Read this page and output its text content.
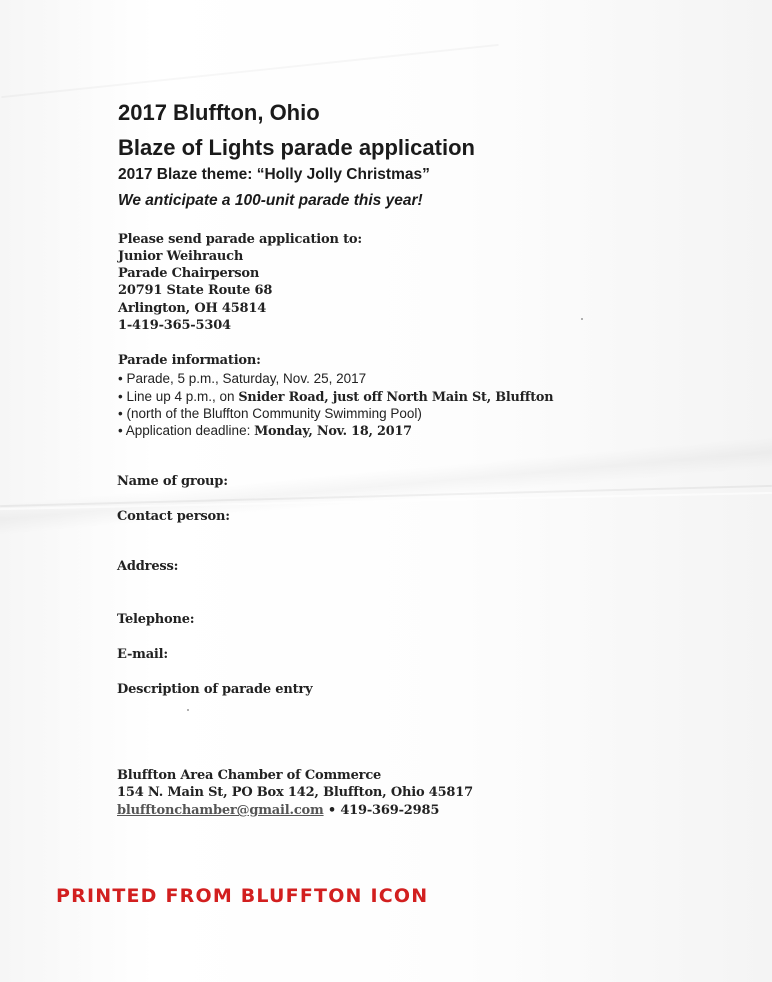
2017 Bluffton, Ohio
Blaze of Lights parade application
2017 Blaze theme: “Holly Jolly Christmas”
We anticipate a 100-unit parade this year!
Please send parade application to:
Junior Weihrauch
Parade Chairperson
20791 State Route 68
Arlington, OH 45814
1-419-365-5304
Parade information:
• Parade, 5 p.m., Saturday, Nov. 25, 2017
• Line up 4 p.m., on Snider Road, just off North Main St, Bluffton
• (north of the Bluffton Community Swimming Pool)
• Application deadline: Monday, Nov. 18, 2017
Name of group:
Contact person:
Address:
Telephone:
E-mail:
Description of parade entry
Bluffton Area Chamber of Commerce
154 N. Main St, PO Box 142, Bluffton, Ohio 45817
blufftonchamber@gmail.com • 419-369-2985
PRINTED FROM BLUFFTON ICON
